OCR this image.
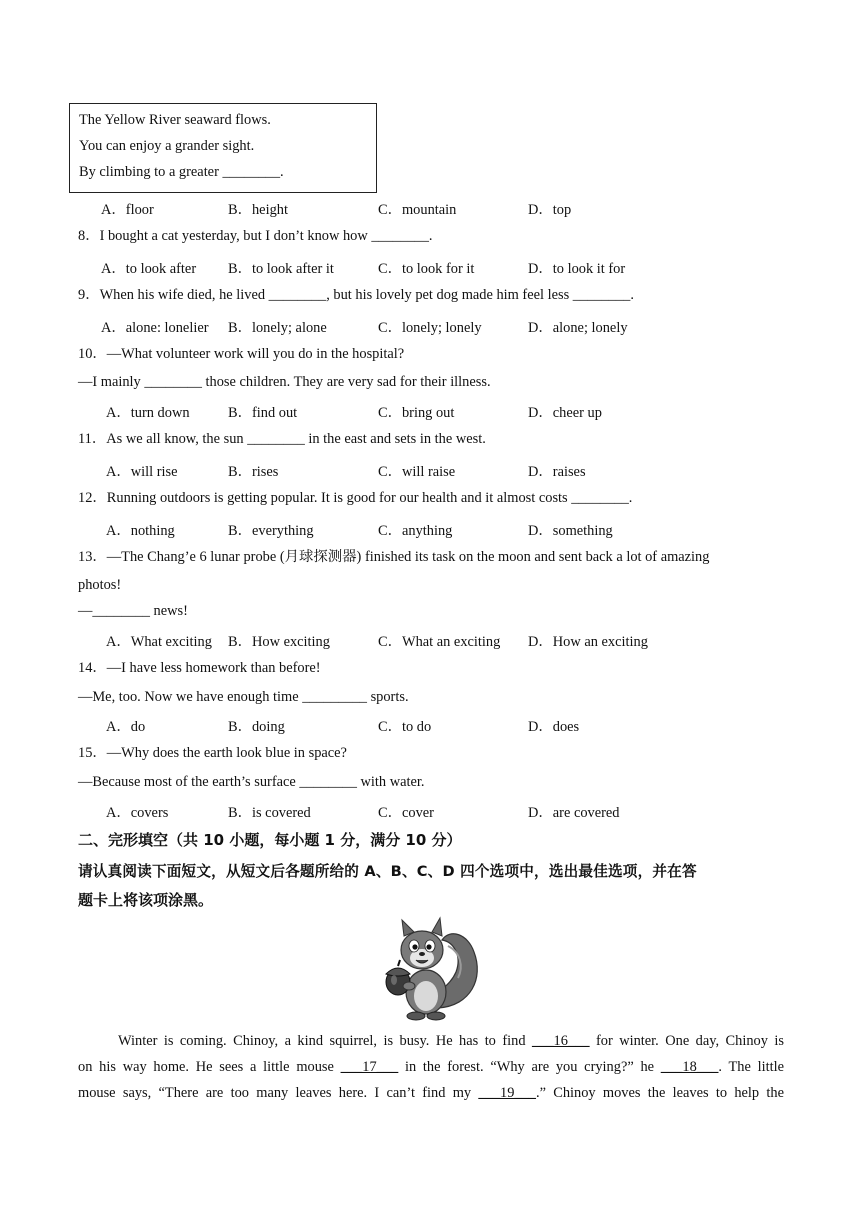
The Yellow River seaward flows.
You can enjoy a grander sight.
By climbing to a greater ________.
A．floor	B．height	C．mountain	D．top
8．I bought a cat yesterday, but I don’t know how ________.
A．to look after B．to look after it	C．to look for it	D．to look it for
9．When his wife died, he lived ________, but his lovely pet dog made him feel less ________.
A．alone: lonelier B．lonely; alone	C．lonely; lonely	D．alone; lonely
10．—What volunteer work will you do in the hospital?
—I mainly ________ those children. They are very sad for their illness.
A．turn down	B．find out	C．bring out	D．cheer up
11．As we all know, the sun ________ in the east and sets in the west.
A．will rise	B．rises	C．will raise	D．raises
12．Running outdoors is getting popular. It is good for our health and it almost costs ________.
A．nothing	B．everything	C．anything	D．something
13．—The Chang’e 6 lunar probe (月球探测器) finished its task on the moon and sent back a lot of amazing
photos!
—________ news!
A．What exciting B．How exciting	C．What an exciting D．How an exciting
14．—I have less homework than before!
—Me, too. Now we have enough time _________ sports.
A．do	B．doing	C．to do	D．does
15．—Why does the earth look blue in space?
—Because most of the earth’s surface ________ with water.
A．covers	B．is covered	C．cover	D．are covered
二、完形填空（共 10 小题，每小题 1 分，满分 10 分）
请认真阅读下面短文，从短文后各题所给的 A、B、C、D 四个选项中，选出最佳选项，并在答
题卡上将该项涂黑。
Winter is coming. Chinoy, a kind squirrel, is busy. He has to find ___16___ for winter. One day, Chinoy is
on his way home. He sees a little mouse ___17___ in the forest. “Why are you crying?” he ___18___. The little
mouse says, “There are too many leaves here. I can’t find my ___19___.” Chinoy moves the leaves to help the
